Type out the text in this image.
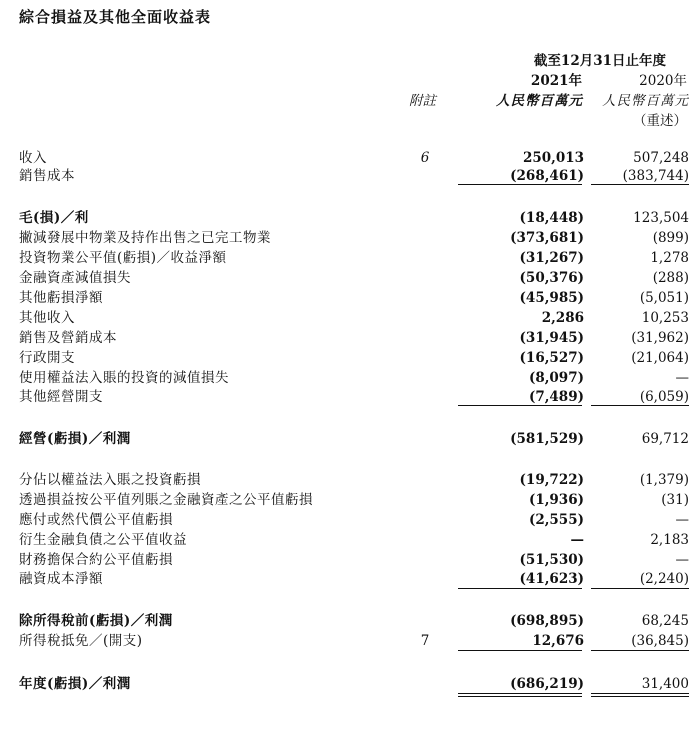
綜合損益及其他全面收益表
截至12月31日止年度
2021年	2020年
附註	人民幣百萬元 人民幣百萬元
（重述）
收入	6	250,013	507,248
銷售成本	(268,461)	(383,744)
毛(損)／利	(18,448)	123,504
撇減發展中物業及持作出售之已完工物業	(373,681)	(899)
投資物業公平值(虧損)／收益淨額	(31,267)	1,278
金融資產減值損失	(50,376)	(288)
其他虧損淨額	(45,985)	(5,051)
其他收入	2,286	10,253
銷售及營銷成本	(31,945)	(31,962)
行政開支	(16,527)	(21,064)
使用權益法入賬的投資的減值損失	(8,097)	—
其他經營開支	(7,489)	(6,059)
經營(虧損)／利潤	(581,529)	69,712
分佔以權益法入賬之投資虧損	(19,722)	(1,379)
透過損益按公平值列賬之金融資產之公平值虧損	(1,936)	(31)
應付或然代價公平值虧損	(2,555)	—
衍生金融負債之公平值收益	—	2,183
財務擔保合約公平值虧損	(51,530)	—
融資成本淨額	(41,623)	(2,240)
除所得稅前(虧損)／利潤	(698,895)	68,245
所得稅抵免／(開支)	7	12,676	(36,845)
年度(虧損)／利潤	(686,219)	31,400
